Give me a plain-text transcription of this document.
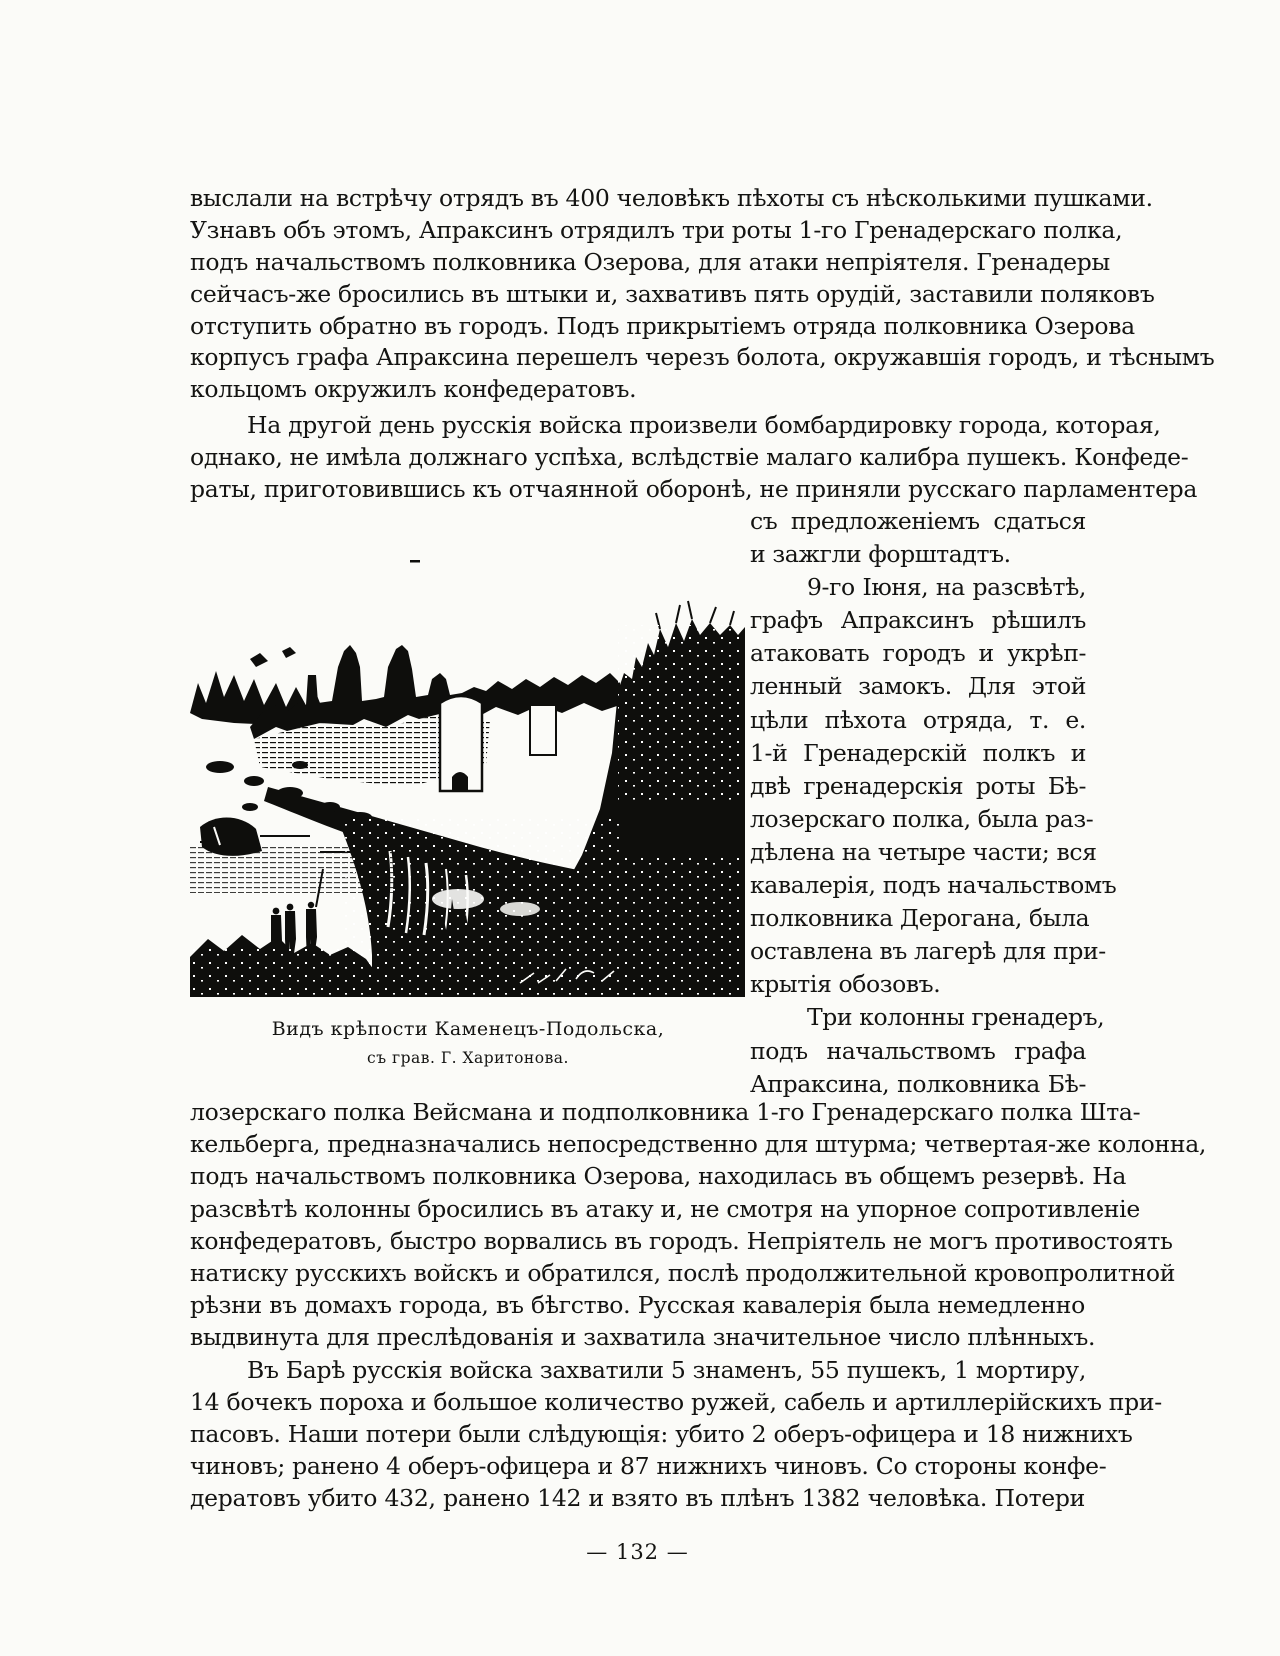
выслали на встрѣчу отрядъ въ 400 человѣкъ пѣхоты съ нѣсколькими пушками.
Узнавъ объ этомъ, Апраксинъ отрядилъ три роты 1-го Гренадерскаго полка,
подъ начальствомъ полковника Озерова, для атаки непріятеля. Гренадеры
сейчасъ-же бросились въ штыки и, захвативъ пять орудій, заставили поляковъ
отступить обратно въ городъ. Подъ прикрытіемъ отряда полковника Озерова
корпусъ графа Апраксина перешелъ черезъ болота, окружавшія городъ, и тѣснымъ
кольцомъ окружилъ конфедератовъ.
На другой день русскія войска произвели бомбардировку города, которая,
однако, не имѣла должнаго успѣха, вслѣдствіе малаго калибра пушекъ. Конфеде-
раты, приготовившись къ отчаянной оборонѣ, не приняли русскаго парламентера
съ предложеніемъ сдаться
и зажгли форштадтъ.
9-го Іюня, на разсвѣтѣ,
графъ Апраксинъ рѣшилъ
атаковать городъ и укрѣп-
ленный замокъ. Для этой
цѣли пѣхота отряда, т. е.
1-й Гренадерскій полкъ и
двѣ гренадерскія роты Бѣ-
лозерскаго полка, была раз-
дѣлена на четыре части; вся
кавалерія, подъ начальствомъ
полковника Дерогана, была
оставлена въ лагерѣ для при-
крытія обозовъ.
Три колонны гренадеръ,
подъ начальствомъ графа
Апраксина, полковника Бѣ-
Видъ крѣпости Каменецъ-Подольска,
съ грав. Г. Харитонова.
лозерскаго полка Вейсмана и подполковника 1-го Гренадерскаго полка Шта-
кельберга, предназначались непосредственно для штурма; четвертая-же колонна,
подъ начальствомъ полковника Озерова, находилась въ общемъ резервѣ. На
разсвѣтѣ колонны бросились въ атаку и, не смотря на упорное сопротивленіе
конфедератовъ, быстро ворвались въ городъ. Непріятель не могъ противостоять
натиску русскихъ войскъ и обратился, послѣ продолжительной кровопролитной
рѣзни въ домахъ города, въ бѣгство. Русская кавалерія была немедленно
выдвинута для преслѣдованія и захватила значительное число плѣнныхъ.
Въ Барѣ русскія войска захватили 5 знаменъ, 55 пушекъ, 1 мортиру,
14 бочекъ пороха и большое количество ружей, сабель и артиллерійскихъ при-
пасовъ. Наши потери были слѣдующія: убито 2 оберъ-офицера и 18 нижнихъ
чиновъ; ранено 4 оберъ-офицера и 87 нижнихъ чиновъ. Со стороны конфе-
дератовъ убито 432, ранено 142 и взято въ плѣнъ 1382 человѣка. Потери
— 132 —
